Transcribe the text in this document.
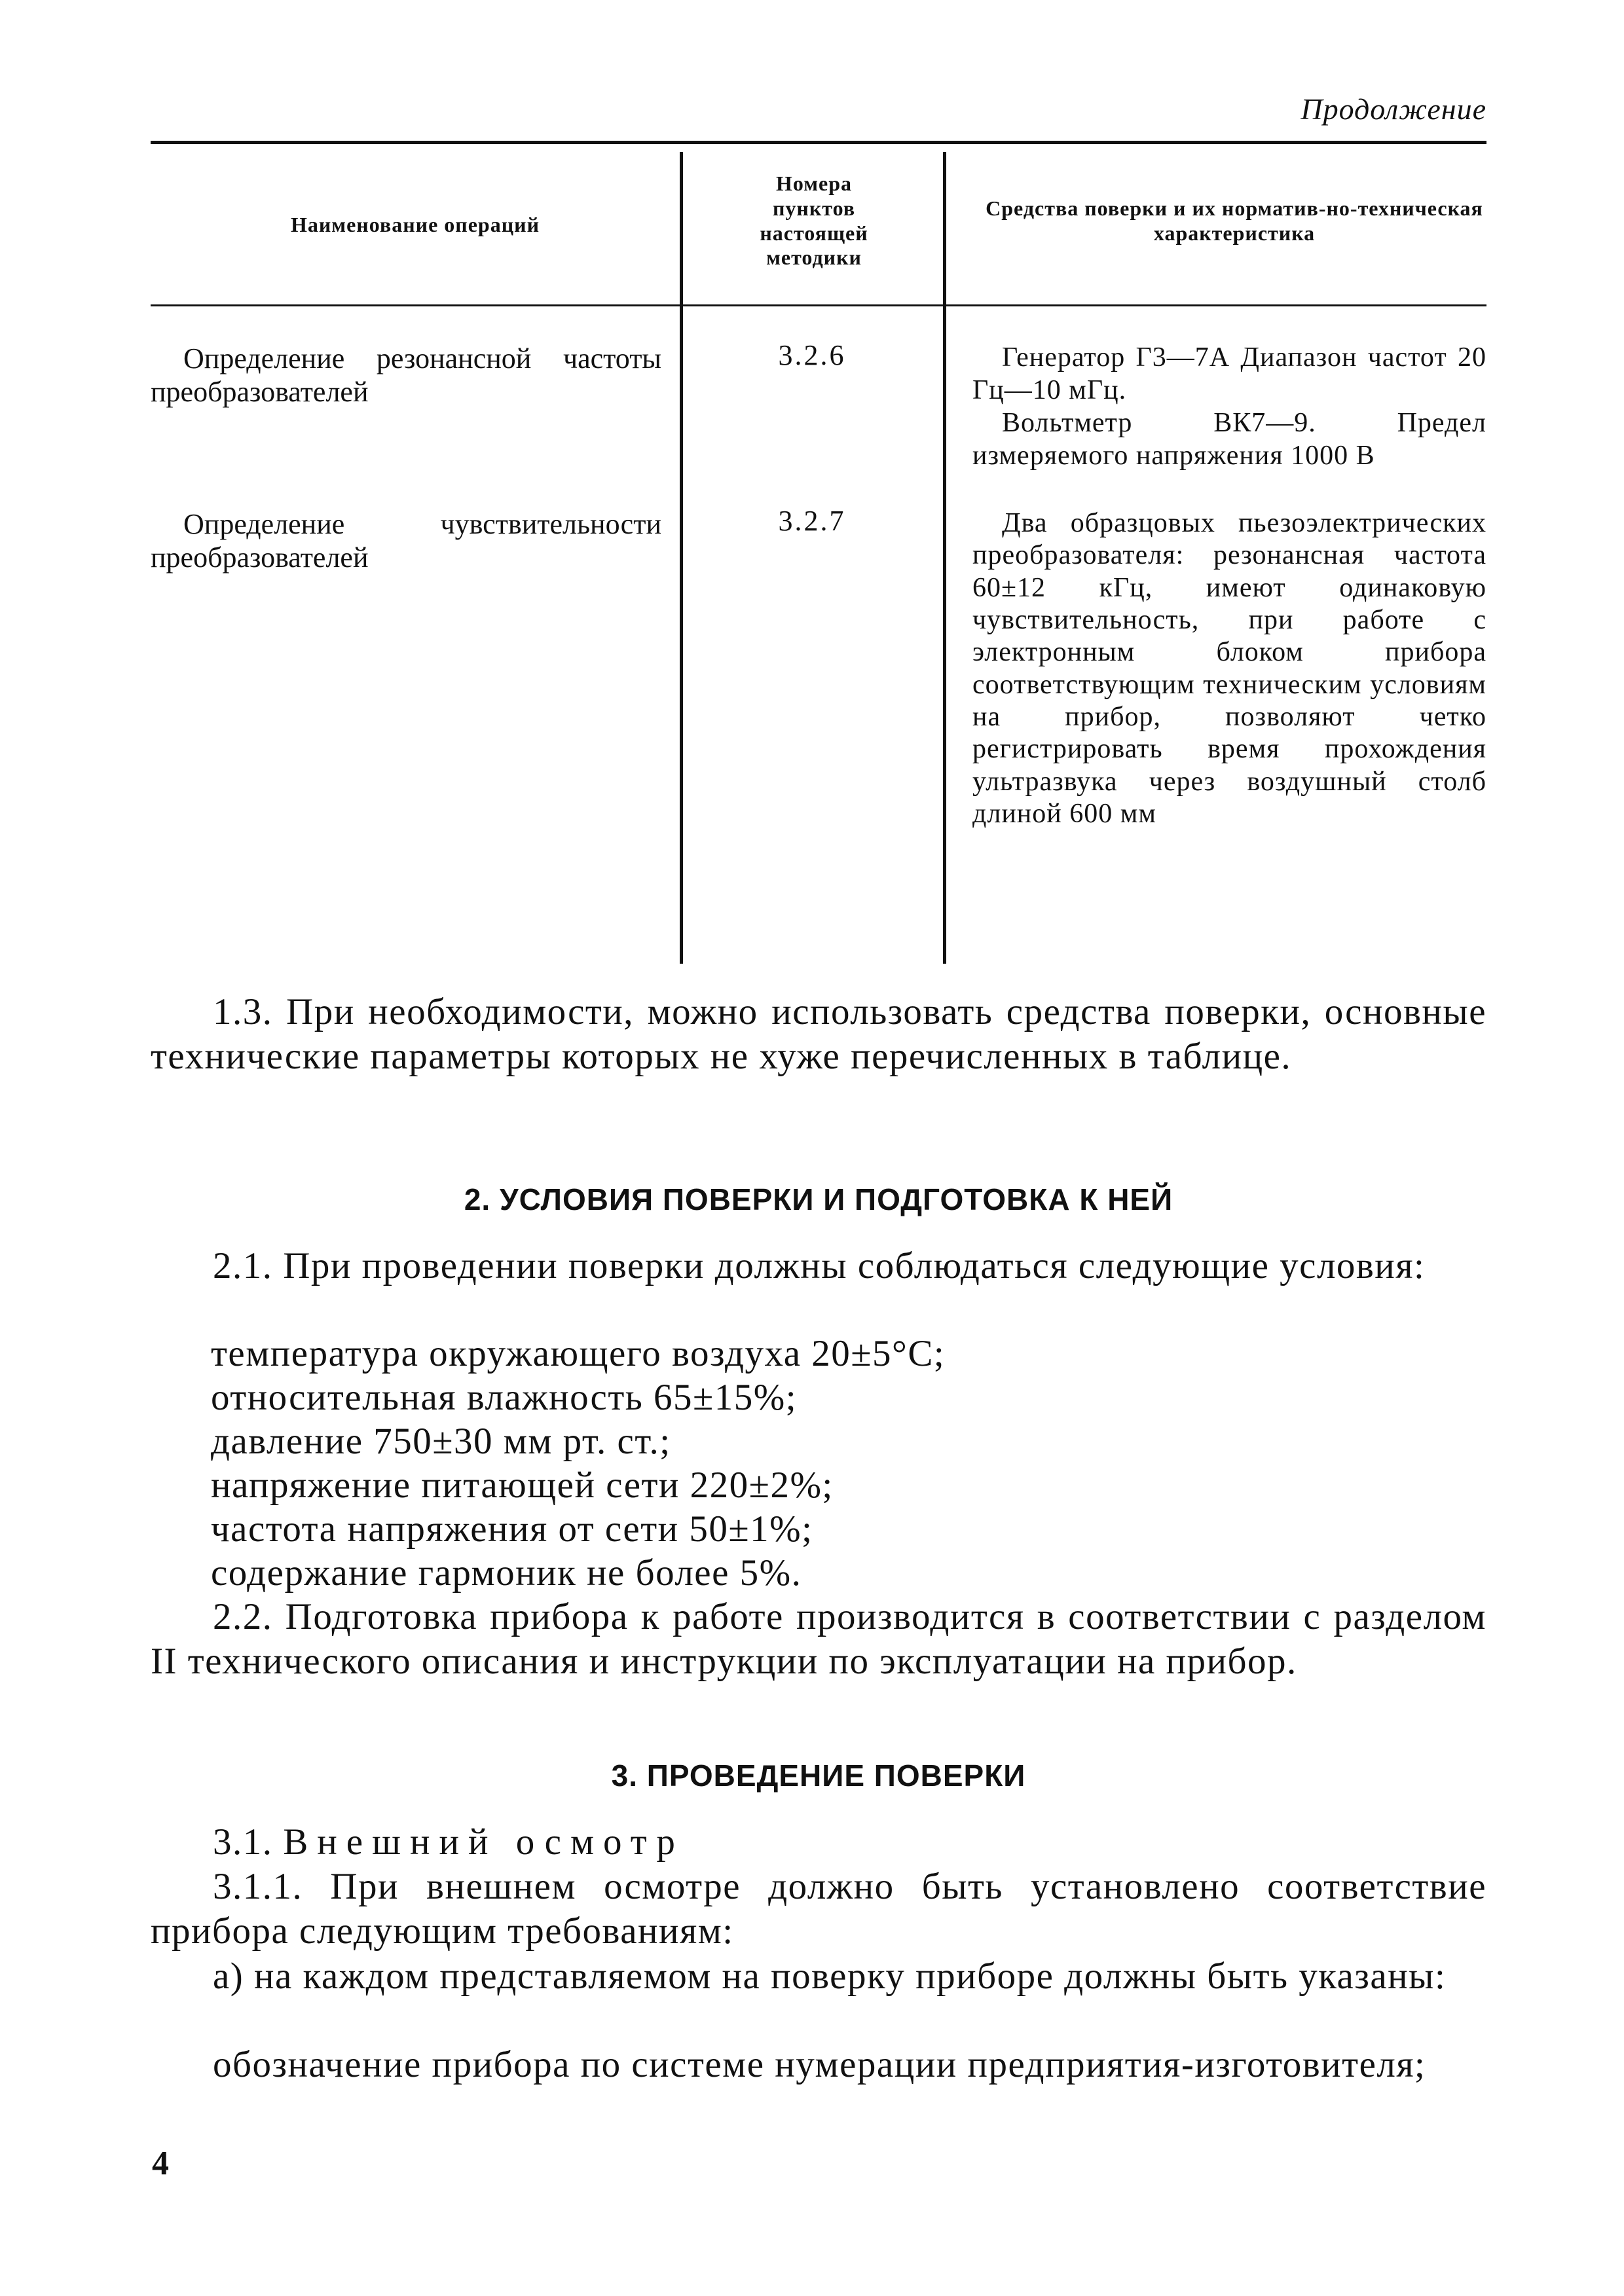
Продолжение
Наименование операций
Номера пунктов настоящей методики
Средства поверки и их норматив-но-техническая характеристика
Определение резонансной частоты преобразователей
3.2.6	Генератор Г3—7А Диапазон частот 20 Гц—10 мГц.
Вольтметр ВК7—9. Предел измеряемого напряжения 1000 В
Определение чувствительности преобразователей
3.2.7	Два образцовых пьезоэлектрических преобразователя: резонансная частота 60±12 кГц, имеют одинаковую чувствительность, при работе с электронным блоком прибора соответствующим техническим условиям на прибор, позволяют четко регистрировать время прохождения ультразвука через воздушный столб длиной 600 мм
1.3. При необходимости, можно использовать средства поверки, основные технические параметры которых не хуже перечисленных в таблице.
2. УСЛОВИЯ ПОВЕРКИ И ПОДГОТОВКА К НЕЙ
2.1. При проведении поверки должны соблюдаться следующие условия:
температура окружающего воздуха 20±5°С;
относительная влажность 65±15%;
давление 750±30 мм рт. ст.;
напряжение питающей сети 220±2%;
частота напряжения от сети 50±1%;
содержание гармоник не более 5%.
2.2. Подготовка прибора к работе производится в соответствии с разделом II технического описания и инструкции по эксплуатации на прибор.
3. ПРОВЕДЕНИЕ ПОВЕРКИ
3.1. Внешний осмотр
3.1.1. При внешнем осмотре должно быть установлено соответствие прибора следующим требованиям:
а) на каждом представляемом на поверку приборе должны быть указаны:
обозначение прибора по системе нумерации предприятия-изготовителя;
4
